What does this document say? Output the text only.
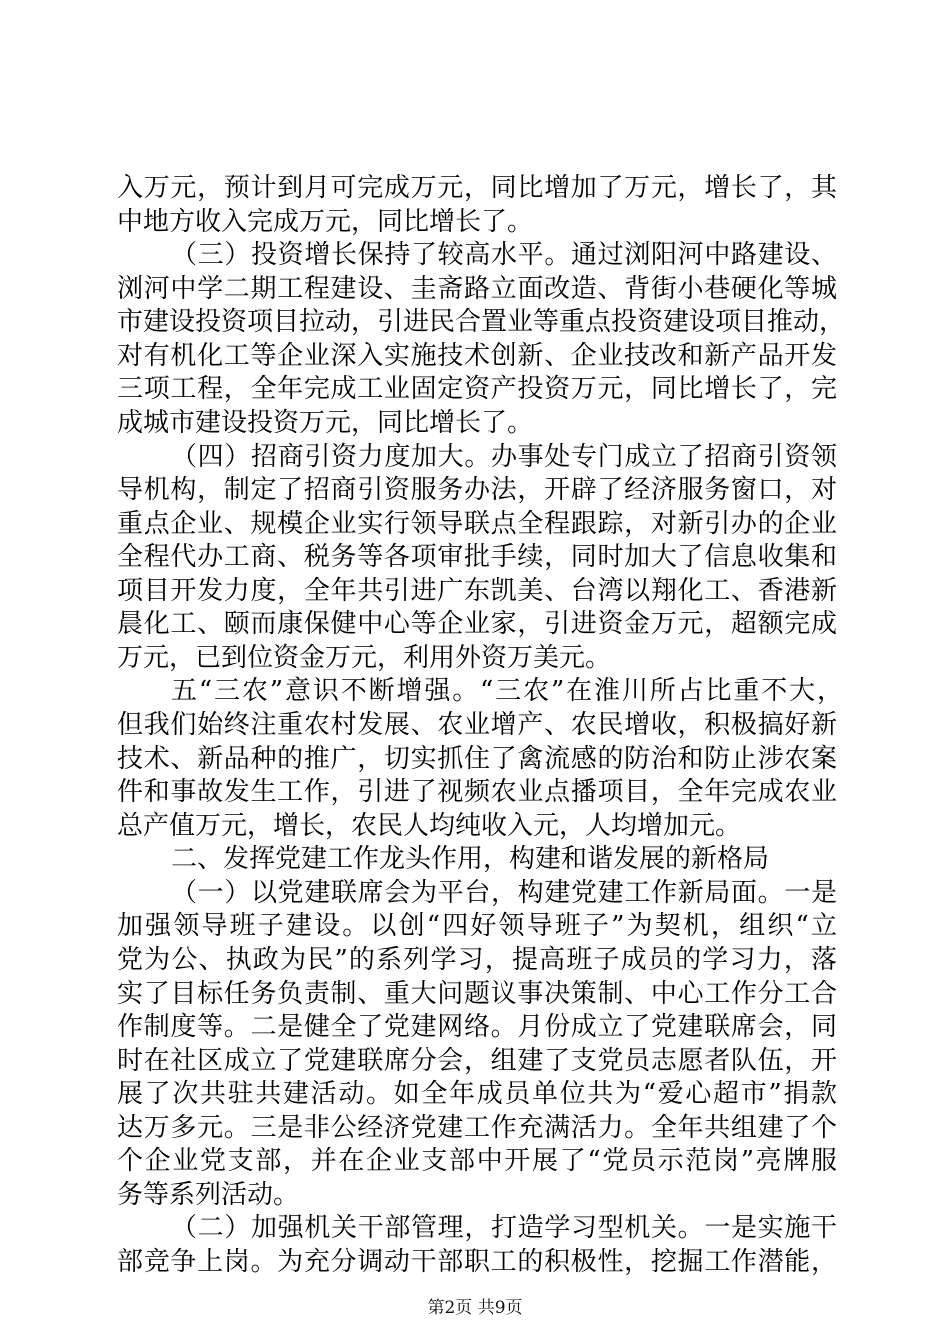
入万元，预计到月可完成万元，同比增加了万元，增长了，其

中地方收入完成万元，同比增长了。

（三）投资增长保持了较高水平。通过浏阳河中路建设、

浏河中学二期工程建设、圭斋路立面改造、背街小巷硬化等城

市建设投资项目拉动，引进民合置业等重点投资建设项目推动，

对有机化工等企业深入实施技术创新、企业技改和新产品开发

三项工程，全年完成工业固定资产投资万元，同比增长了，完

成城市建设投资万元，同比增长了。

（四）招商引资力度加大。办事处专门成立了招商引资领

导机构，制定了招商引资服务办法，开辟了经济服务窗口，对

重点企业、规模企业实行领导联点全程跟踪，对新引办的企业

全程代办工商、税务等各项审批手续，同时加大了信息收集和

项目开发力度，全年共引进广东凯美、台湾以翔化工、香港新

晨化工、颐而康保健中心等企业家，引进资金万元，超额完成

万元，已到位资金万元，利用外资万美元。

五“三农”意识不断增强。“三农”在淮川所占比重不大，

但我们始终注重农村发展、农业增产、农民增收，积极搞好新

技术、新品种的推广，切实抓住了禽流感的防治和防止涉农案

件和事故发生工作，引进了视频农业点播项目，全年完成农业

总产值万元，增长，农民人均纯收入元，人均增加元。

二、发挥党建工作龙头作用，构建和谐发展的新格局

（一）以党建联席会为平台，构建党建工作新局面。一是

加强领导班子建设。以创“四好领导班子”为契机，组织“立

党为公、执政为民”的系列学习，提高班子成员的学习力，落

实了目标任务负责制、重大问题议事决策制、中心工作分工合

作制度等。二是健全了党建网络。月份成立了党建联席会，同

时在社区成立了党建联席分会，组建了支党员志愿者队伍，开

展了次共驻共建活动。如全年成员单位共为“爱心超市”捐款

达万多元。三是非公经济党建工作充满活力。全年共组建了个

个企业党支部，并在企业支部中开展了“党员示范岗”亮牌服

务等系列活动。

（二）加强机关干部管理，打造学习型机关。一是实施干

部竞争上岗。为充分调动干部职工的积极性，挖掘工作潜能，

第2页 共9页
